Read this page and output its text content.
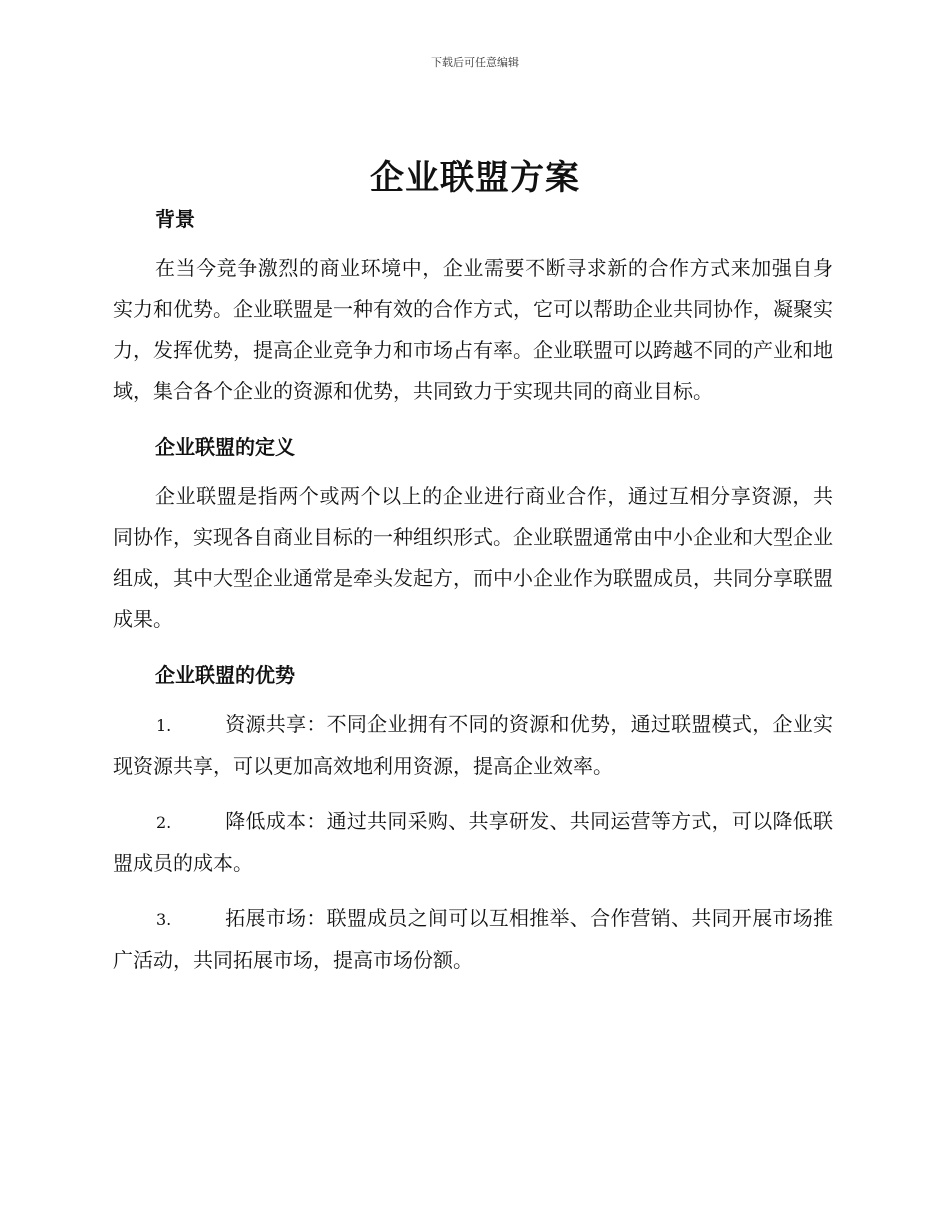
下载后可任意编辑
企业联盟方案
背景

在当今竞争激烈的商业环境中，企业需要不断寻求新的合作方式来加强自身实力和优势。企业联盟是一种有效的合作方式，它可以帮助企业共同协作，凝聚实力，发挥优势，提高企业竞争力和市场占有率。企业联盟可以跨越不同的产业和地域，集合各个企业的资源和优势，共同致力于实现共同的商业目标。

企业联盟的定义

企业联盟是指两个或两个以上的企业进行商业合作，通过互相分享资源，共同协作，实现各自商业目标的一种组织形式。企业联盟通常由中小企业和大型企业组成，其中大型企业通常是牵头发起方，而中小企业作为联盟成员，共同分享联盟成果。

企业联盟的优势

1.	资源共享：不同企业拥有不同的资源和优势，通过联盟模式，企业实现资源共享，可以更加高效地利用资源，提高企业效率。

2.	降低成本：通过共同采购、共享研发、共同运营等方式，可以降低联盟成员的成本。

3.	拓展市场：联盟成员之间可以互相推举、合作营销、共同开展市场推广活动，共同拓展市场，提高市场份额。
